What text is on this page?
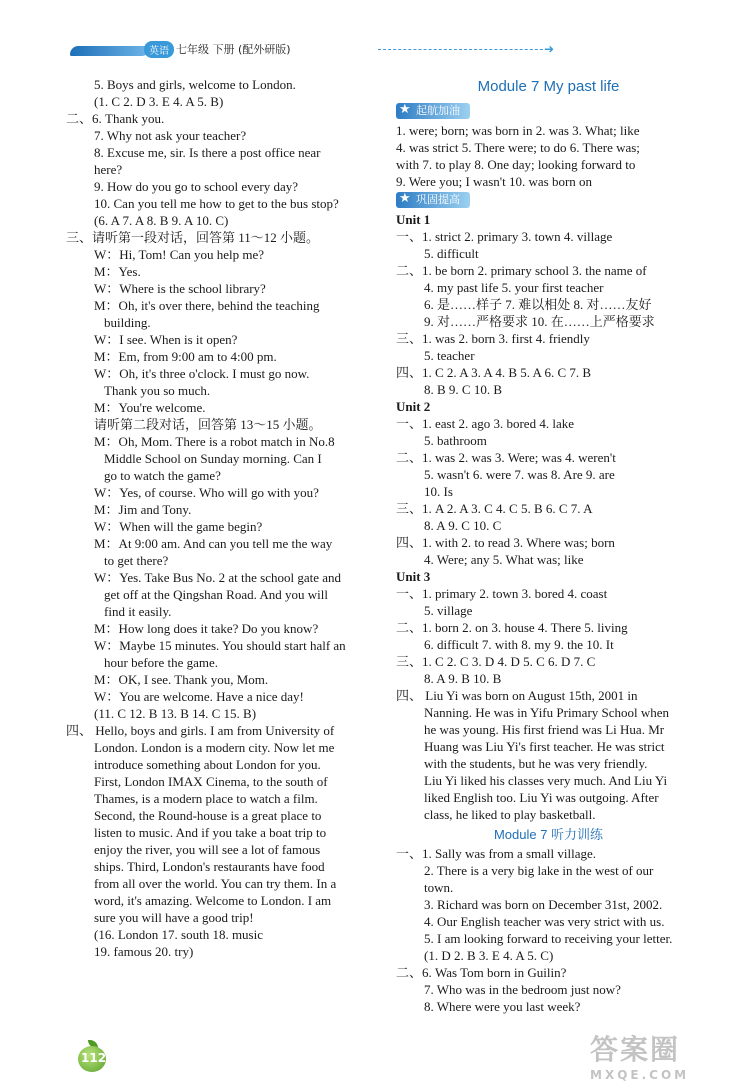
英语 七年级 下册 (配外研版)	➜
5. Boys and girls, welcome to London.
(1. C 2. D 3. E 4. A 5. B)
二、6. Thank you.
7. Why not ask your teacher?
8. Excuse me, sir. Is there a post office near
here?
9. How do you go to school every day?
10. Can you tell me how to get to the bus stop?
(6. A 7. A 8. B 9. A 10. C)
三、请听第一段对话，回答第 11～12 小题。
W：Hi, Tom! Can you help me?
M：Yes.
W：Where is the school library?
M：Oh, it's over there, behind the teaching
building.
W：I see. When is it open?
M：Em, from 9:00 am to 4:00 pm.
W：Oh, it's three o'clock. I must go now.
Thank you so much.
M：You're welcome.
请听第二段对话，回答第 13～15 小题。
M：Oh, Mom. There is a robot match in No.8
Middle School on Sunday morning. Can I
go to watch the game?
W：Yes, of course. Who will go with you?
M：Jim and Tony.
W：When will the game begin?
M：At 9:00 am. And can you tell me the way
to get there?
W：Yes. Take Bus No. 2 at the school gate and
get off at the Qingshan Road. And you will
find it easily.
M：How long does it take? Do you know?
W：Maybe 15 minutes. You should start half an
hour before the game.
M：OK, I see. Thank you, Mom.
W：You are welcome. Have a nice day!
(11. C 12. B 13. B 14. C 15. B)
四、 Hello, boys and girls. I am from University of
London. London is a modern city. Now let me
introduce something about London for you.
First, London IMAX Cinema, to the south of
Thames, is a modern place to watch a film.
Second, the Round-house is a great place to
listen to music. And if you take a boat trip to
enjoy the river, you will see a lot of famous
ships. Third, London's restaurants have food
from all over the world. You can try them. In a
word, it's amazing. Welcome to London. I am
sure you will have a good trip!
(16. London 17. south 18. music
19. famous 20. try)
Module 7 My past life
★ 起航加油
1. were; born; was born in 2. was 3. What; like
4. was strict 5. There were; to do 6. There was;
with 7. to play 8. One day; looking forward to
9. Were you; I wasn't 10. was born on
★ 巩固提高
Unit 1
一、1. strict 2. primary 3. town 4. village
5. difficult
二、1. be born 2. primary school 3. the name of
4. my past life 5. your first teacher
6. 是……样子 7. 难以相处 8. 对……友好
9. 对……严格要求 10. 在……上严格要求
三、1. was 2. born 3. first 4. friendly
5. teacher
四、1. C 2. A 3. A 4. B 5. A 6. C 7. B
8. B 9. C 10. B
Unit 2
一、1. east 2. ago 3. bored 4. lake
5. bathroom
二、1. was 2. was 3. Were; was 4. weren't
5. wasn't 6. were 7. was 8. Are 9. are
10. Is
三、1. A 2. A 3. C 4. C 5. B 6. C 7. A
8. A 9. C 10. C
四、1. with 2. to read 3. Where was; born
4. Were; any 5. What was; like
Unit 3
一、1. primary 2. town 3. bored 4. coast
5. village
二、1. born 2. on 3. house 4. There 5. living
6. difficult 7. with 8. my 9. the 10. It
三、1. C 2. C 3. D 4. D 5. C 6. D 7. C
8. A 9. B 10. B
四、 Liu Yi was born on August 15th, 2001 in
Nanning. He was in Yifu Primary School when
he was young. His first friend was Li Hua. Mr
Huang was Liu Yi's first teacher. He was strict
with the students, but he was very friendly.
Liu Yi liked his classes very much. And Liu Yi
liked English too. Liu Yi was outgoing. After
class, he liked to play basketball.
Module 7 听力训练
一、1. Sally was from a small village.
2. There is a very big lake in the west of our
town.
3. Richard was born on December 31st, 2002.
4. Our English teacher was very strict with us.
5. I am looking forward to receiving your letter.
(1. D 2. B 3. E 4. A 5. C)
二、6. Was Tom born in Guilin?
7. Who was in the bedroom just now?
8. Where were you last week?
112	答案圈
MXQE.COM
